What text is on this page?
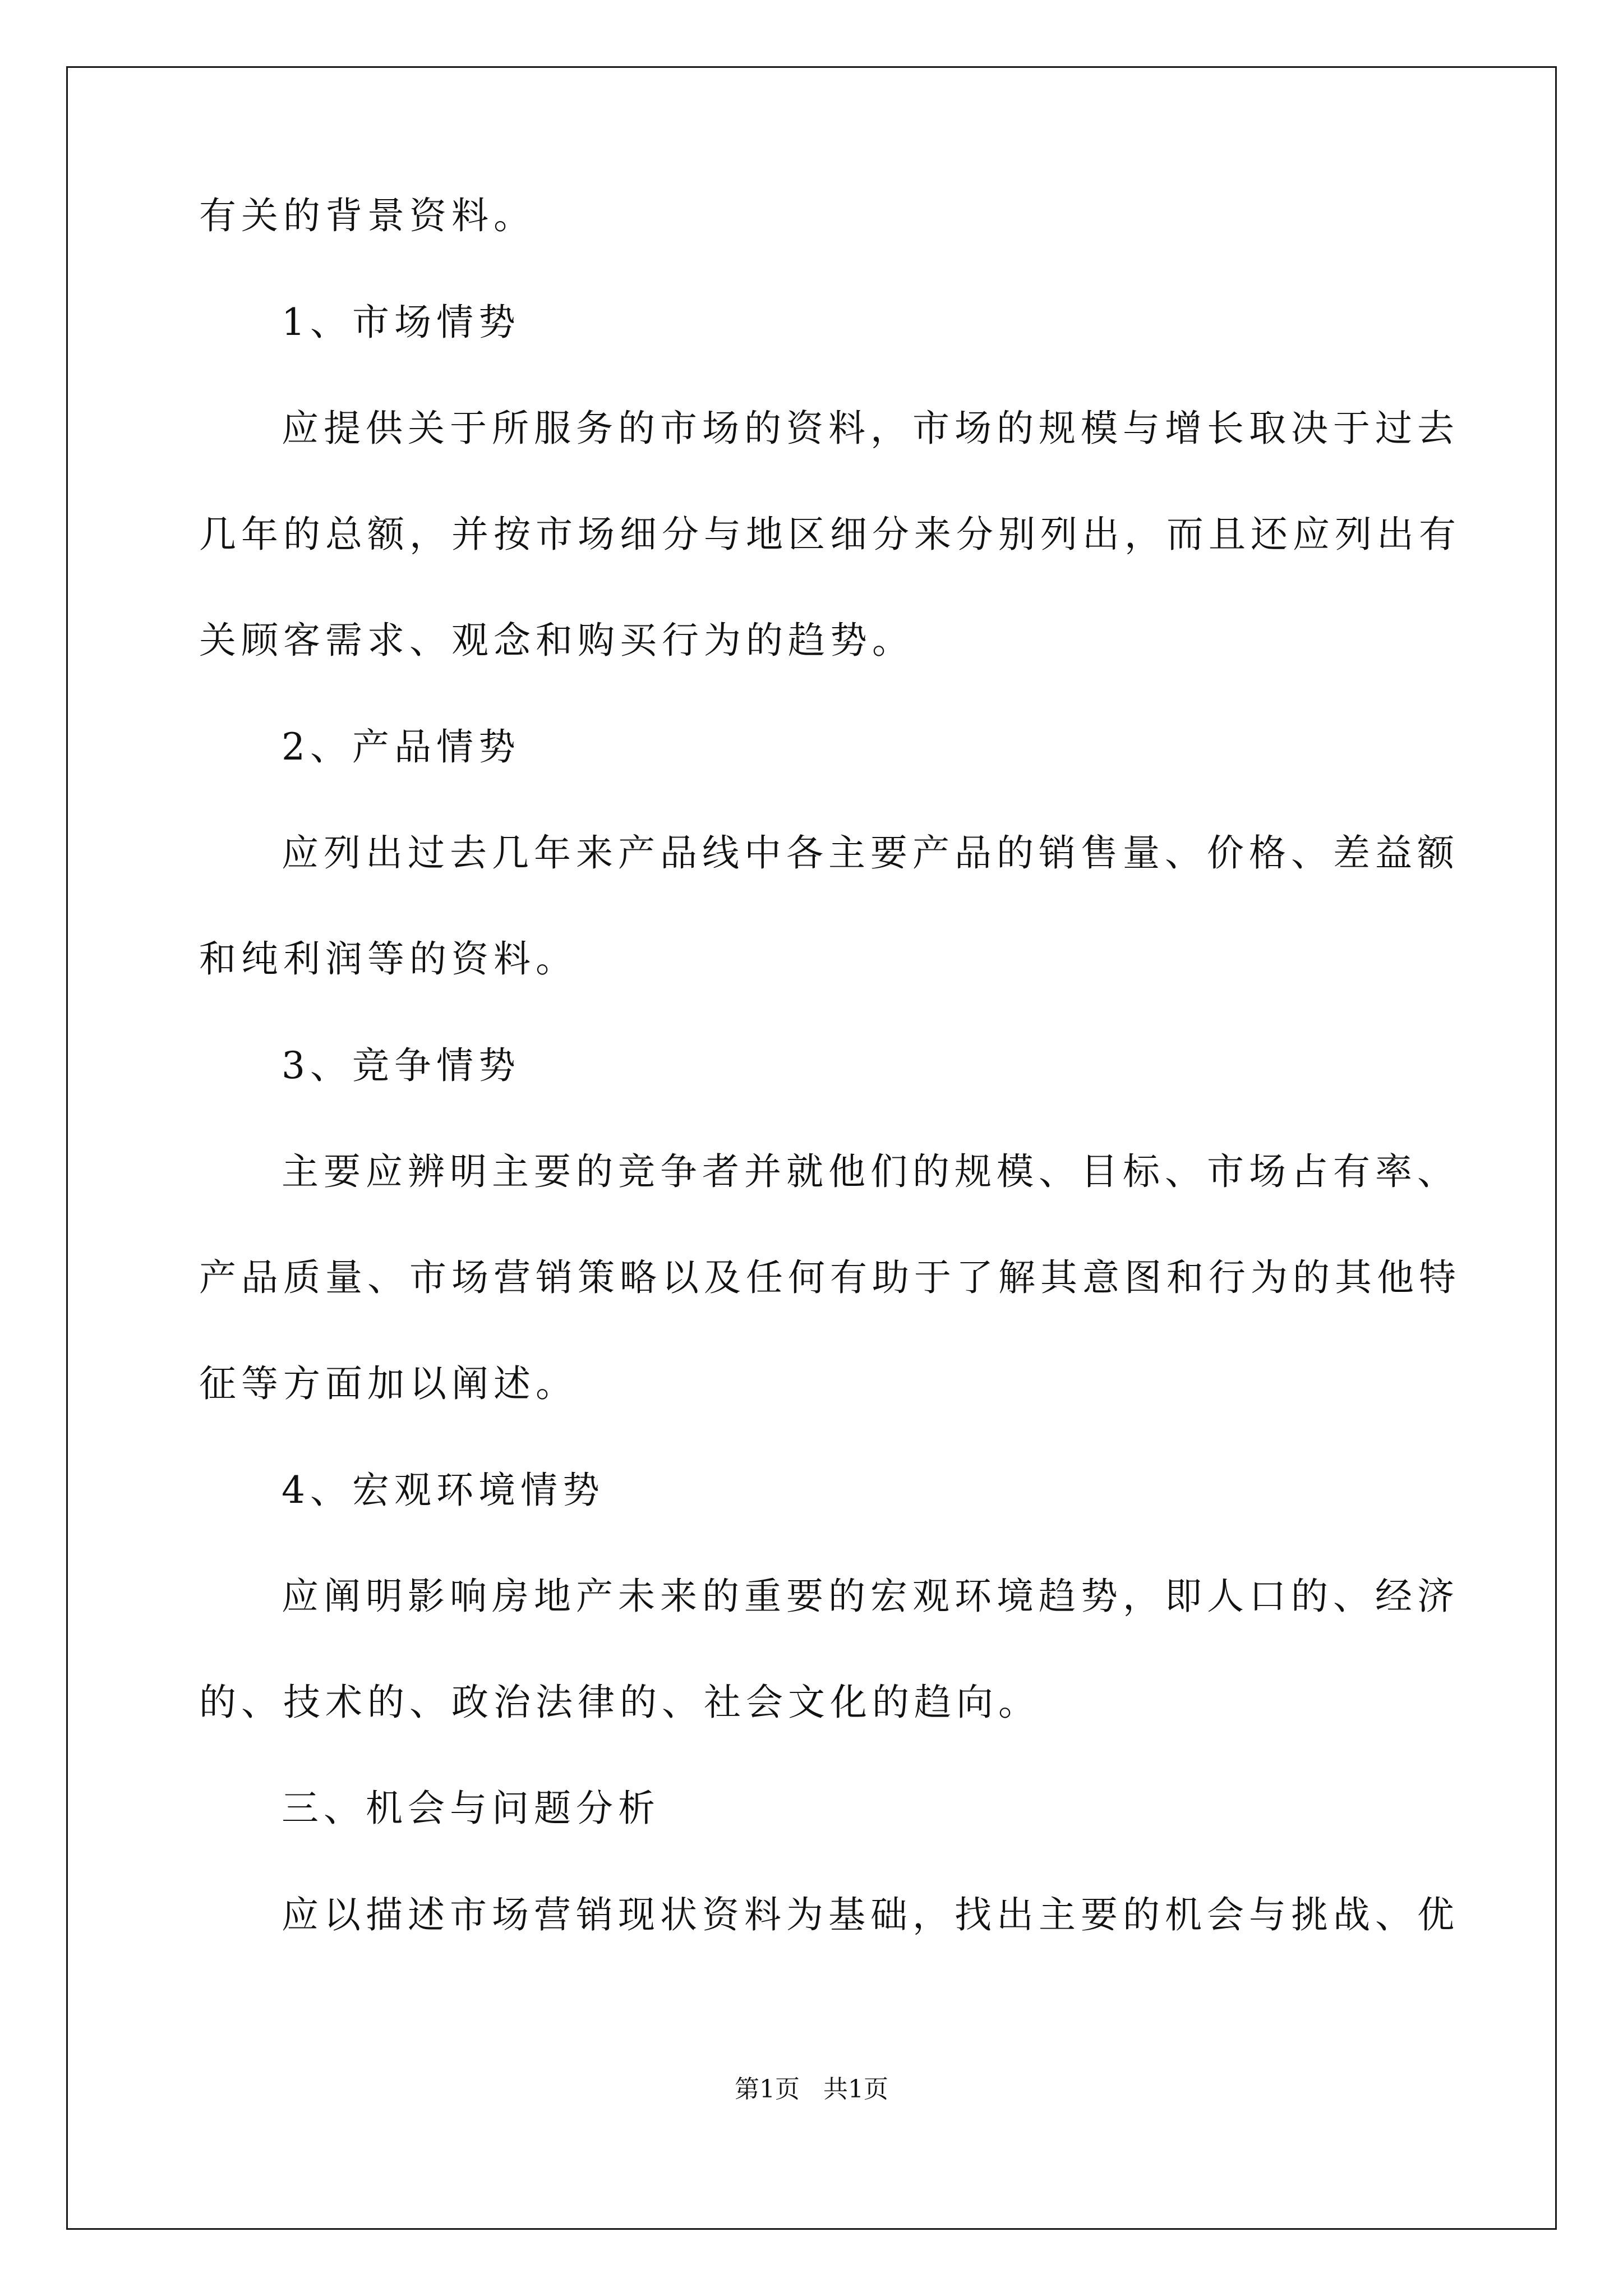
有关的背景资料。
1、市场情势
应提供关于所服务的市场的资料，市场的规模与增长取决于过去
几年的总额，并按市场细分与地区细分来分别列出，而且还应列出有
关顾客需求、观念和购买行为的趋势。
2、产品情势
应列出过去几年来产品线中各主要产品的销售量、价格、差益额
和纯利润等的资料。
3、竞争情势
主要应辨明主要的竞争者并就他们的规模、目标、市场占有率、
产品质量、市场营销策略以及任何有助于了解其意图和行为的其他特
征等方面加以阐述。
4、宏观环境情势
应阐明影响房地产未来的重要的宏观环境趋势，即人口的、经济
的、技术的、政治法律的、社会文化的趋向。
三、机会与问题分析
应以描述市场营销现状资料为基础，找出主要的机会与挑战、优
第1页 共1页
